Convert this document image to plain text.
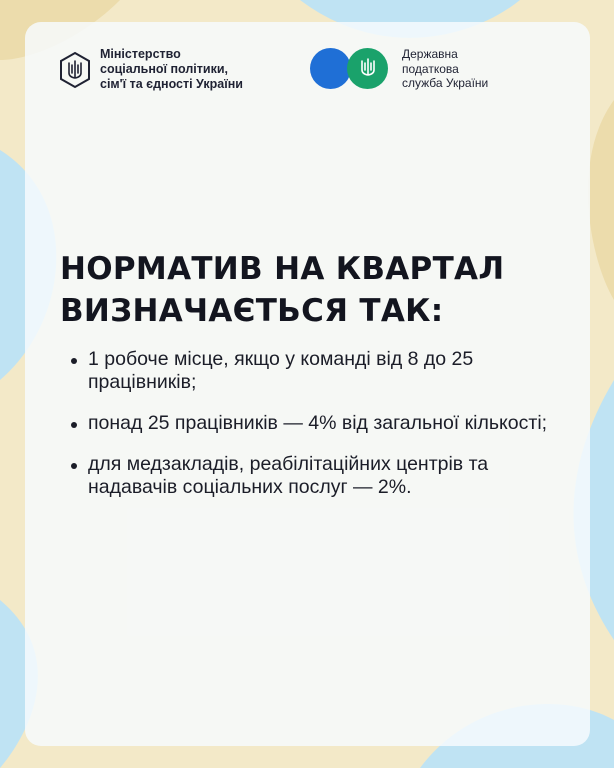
Міністерство
соціальної політики,
сім'ї та єдності України
Державна
податкова
служба України
НОРМАТИВ НА КВАРТАЛ ВИЗНАЧАЄТЬСЯ ТАК:
1 робоче місце, якщо у команді від 8 до 25 працівників;
понад 25 працівників — 4% від загальної кількості;
для медзакладів, реабілітаційних центрів та надавачів соціальних послуг — 2%.
